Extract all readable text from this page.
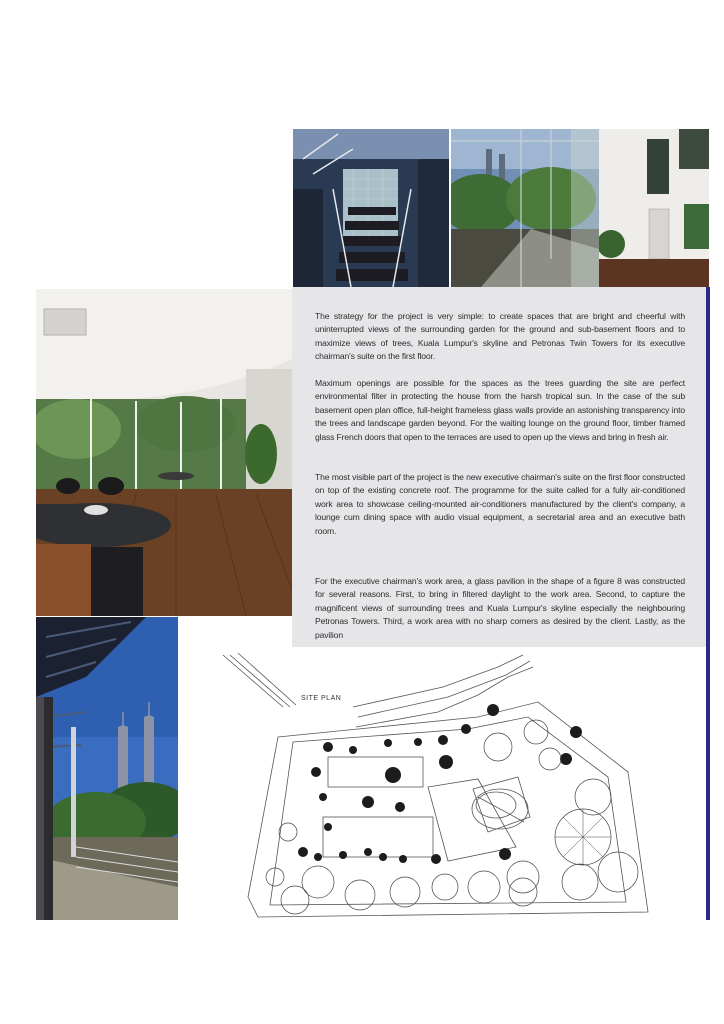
The strategy for the project is very simple: to create spaces that are bright and cheerful with uninterrupted views of the surrounding garden for the ground and sub-basement floors and to maximize views of trees, Kuala Lumpur's skyline and Petronas Twin Towers for its executive chairman's suite on the first floor.

Maximum openings are possible for the spaces as the trees guarding the site are perfect environmental filter in protecting the house from the harsh tropical sun. In the case of the sub basement open plan office, full-height frameless glass walls provide an astonishing transparency into the trees and landscape garden beyond. For the waiting lounge on the ground floor, timber framed glass French doors that open to the terraces are used to open up the views and bring in fresh air.

The most visible part of the project is the new executive chairman's suite on the first floor constructed on top of the existing concrete roof. The programme for the suite called for a fully air-conditioned work area to showcase ceiling-mounted air-conditioners manufactured by the client's company, a lounge cum dining space with audio visual equipment, a secretarial area and an executive bath room.

For the executive chairman's work area, a glass pavilion in the shape of a figure 8 was constructed for several reasons. First, to bring in filtered daylight to the work area. Second, to capture the magnificent views of surrounding trees and Kuala Lumpur's skyline especially the neighbouring Petronas Towers. Third, a work area with no sharp corners as desired by the client. Lastly, as the pavilion

SITE PLAN
